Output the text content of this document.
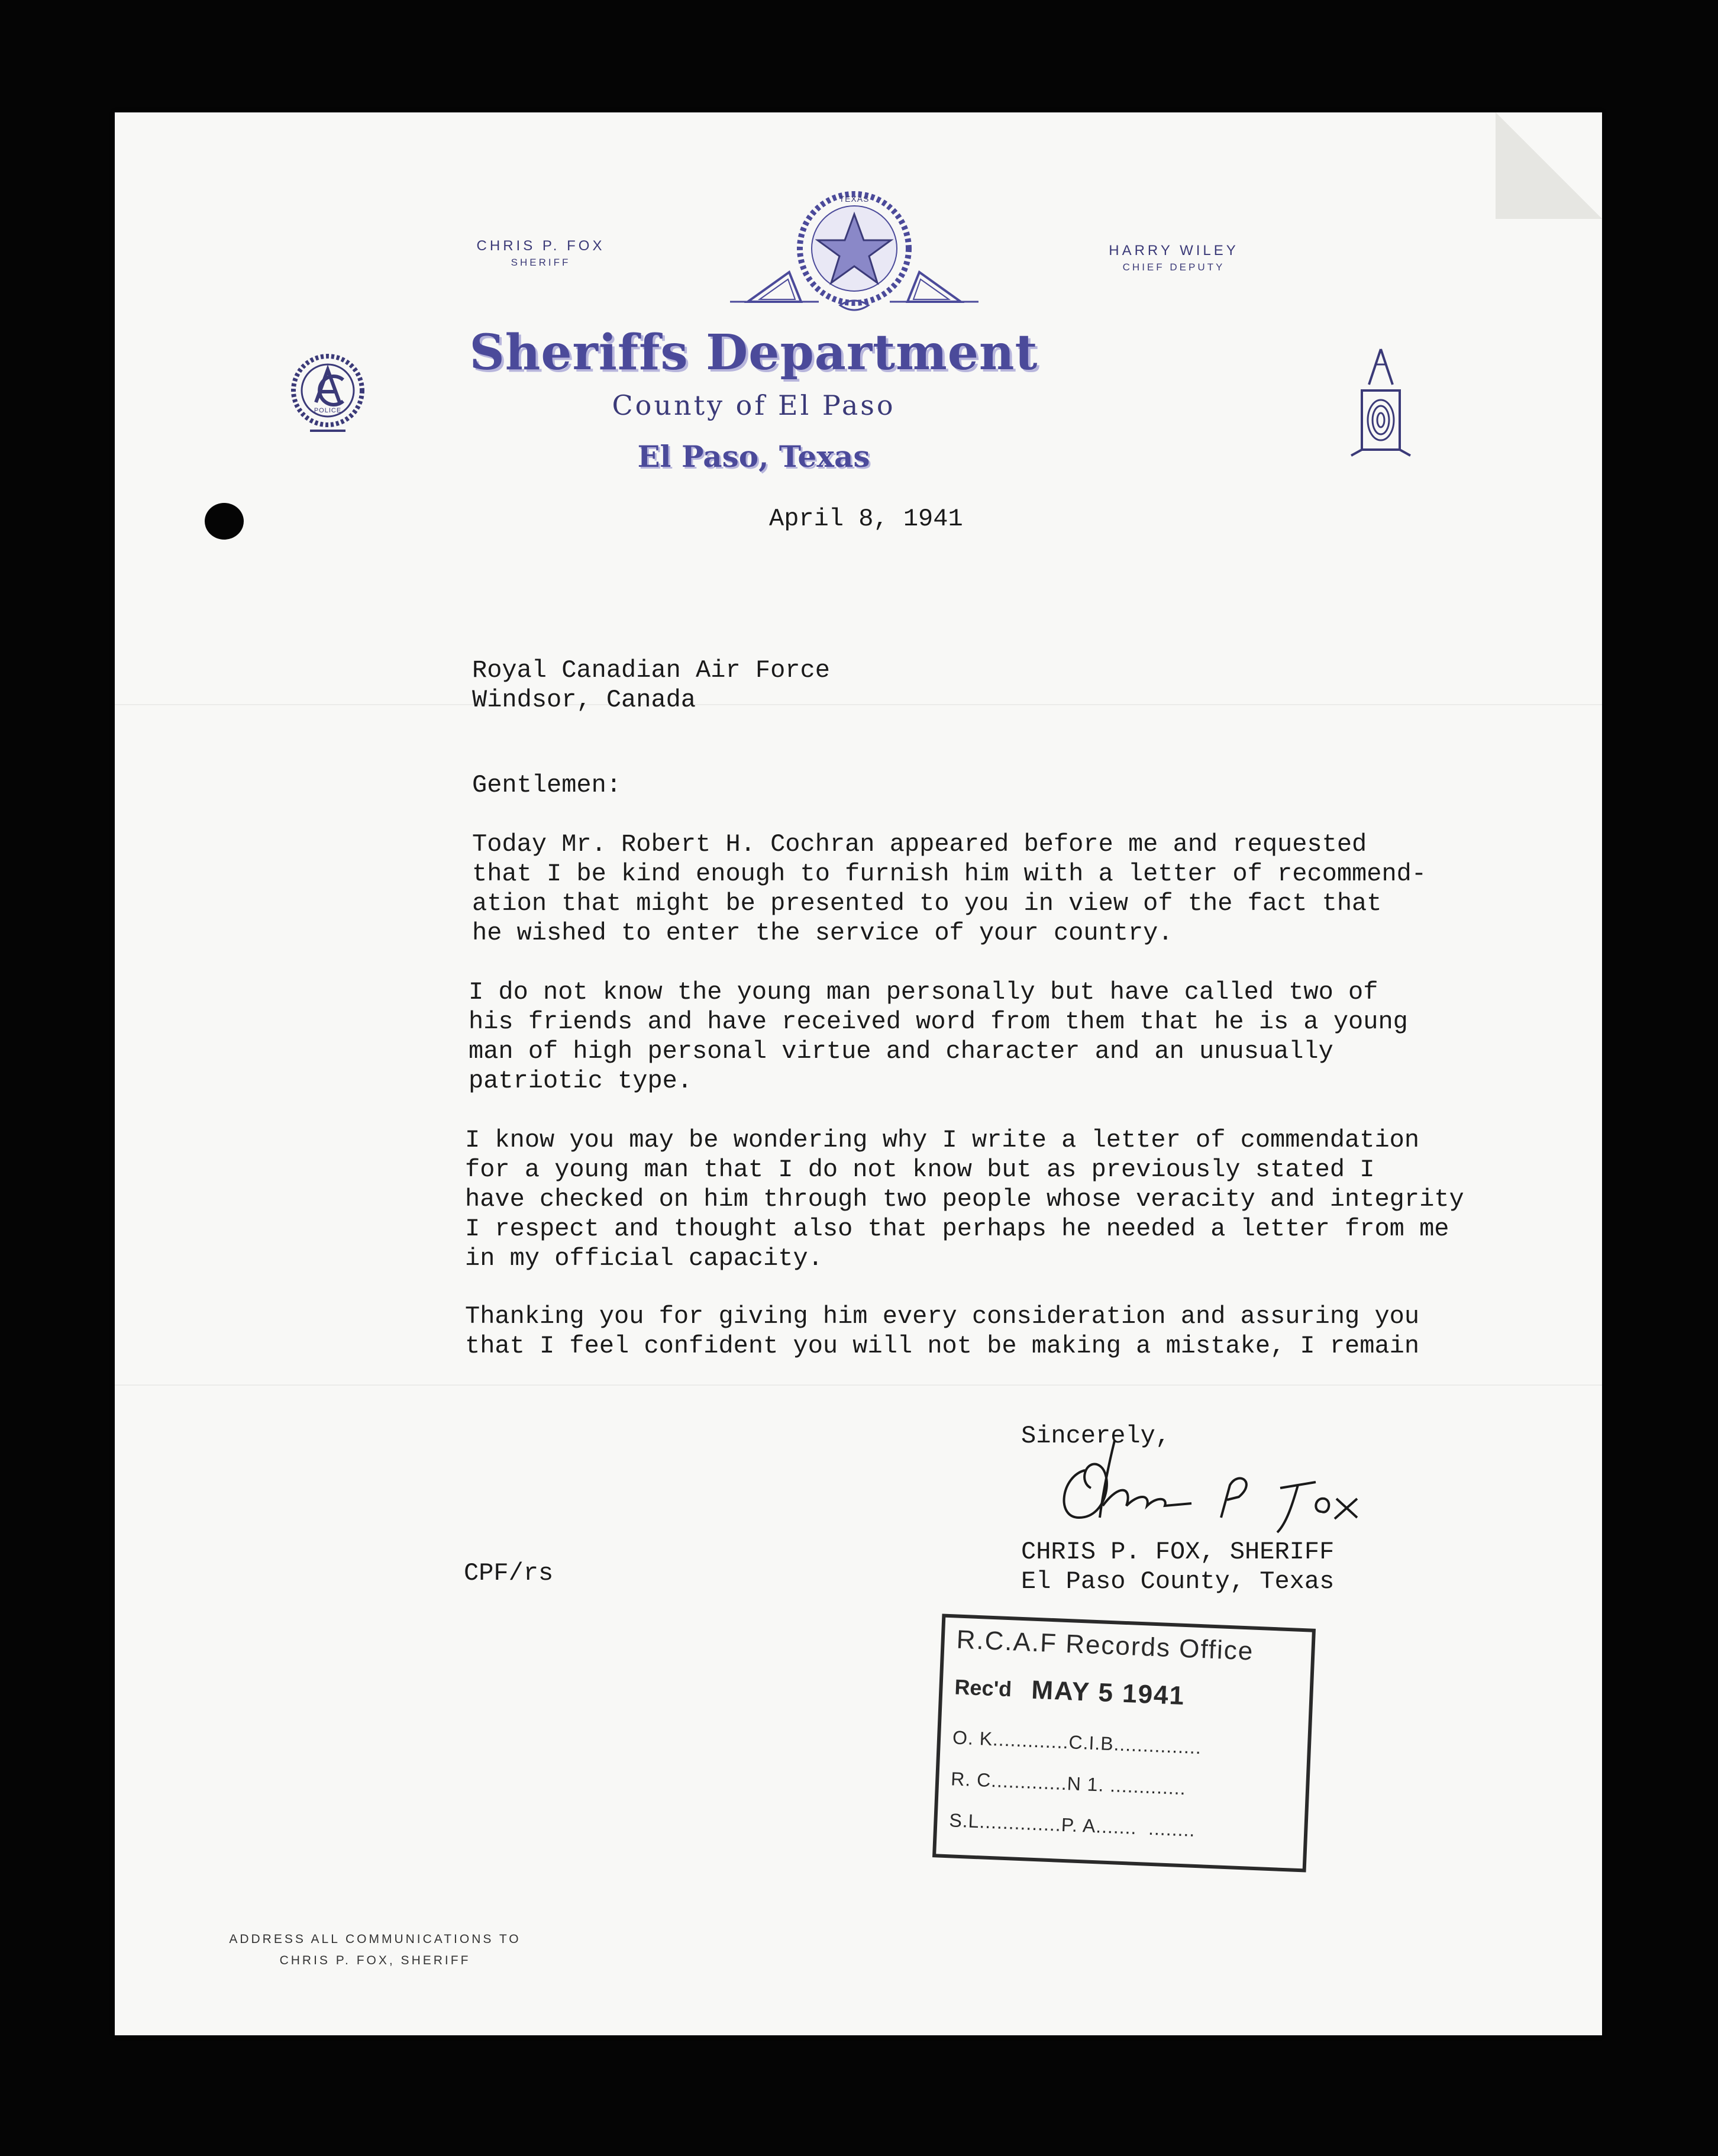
CHRIS P. FOX
SHERIFF
HARRY WILEY
CHIEF DEPUTY
TEXAS
POLICE
Sheriffs Department
County of El Paso
El Paso, Texas
April 8, 1941
Royal Canadian Air Force
Windsor, Canada
Gentlemen:
Today Mr. Robert H. Cochran appeared before me and requested
that I be kind enough to furnish him with a letter of recommend-
ation that might be presented to you in view of the fact that
he wished to enter the service of your country.
I do not know the young man personally but have called two of
his friends and have received word from them that he is a young
man of high personal virtue and character and an unusually
patriotic type.
I know you may be wondering why I write a letter of commendation
for a young man that I do not know but as previously stated I
have checked on him through two people whose veracity and integrity
I respect and thought also that perhaps he needed a letter from me
in my official capacity.
Thanking you for giving him every consideration and assuring you
that I feel confident you will not be making a mistake, I remain
Sincerely,
CHRIS P. FOX, SHERIFF
El Paso County, Texas
CPF/rs
R.C.A.F Records Office
Rec'd MAY 5 1941
O. K.............C.I.B...............
R. C.............N 1. .............
S.L..............P. A.......  ........
ADDRESS ALL COMMUNICATIONS TO
CHRIS P. FOX, SHERIFF
